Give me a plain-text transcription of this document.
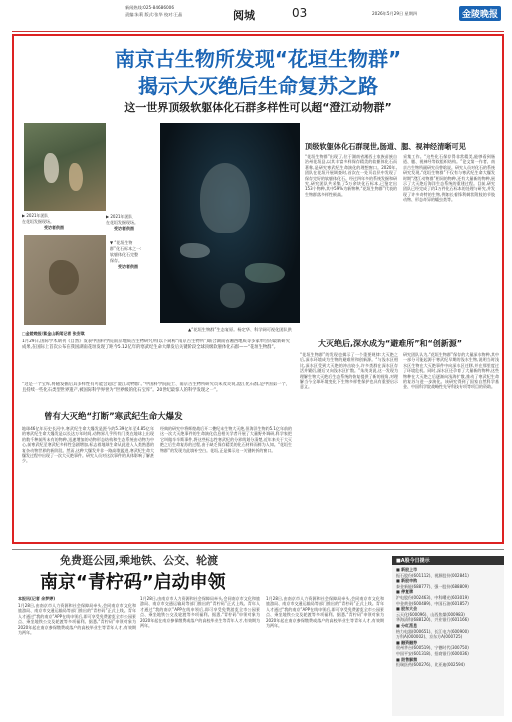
新闻热线:025-84686006
责编:朱莉 版式:张华 校对:王晶	阅城	03	2026年5月29日 星期四	金陵晚报
南京古生物所发现“花垣生物群”
揭示大灭绝后生命复苏之路
这一世界顶级软躯体化石群多样性可以超“澄江动物群”
▶ 2021年团队
在花垣发掘现场。
受访者供图
▶ 2021年团队
在花垣发掘现场。
受访者供图
▼ “花垣生物
群”化石标本之一:
软躯体化石完整
保存。
受访者供图
▲“花垣生物群”生态复原。杨定华、科学网可视化团队供
顶级软躯体化石群现世,肠道、腮、视神经清晰可见
“花垣生物群”出现了,位于湖南省湘西土家族苗族自治州花垣县,以其丰富多样保存精美的软躯体化石而著称,是研究寒武纪生命演化的理想窗口。2020年,团队在花垣开展调查时,首次在一处页岩层中发现了保存完好的软躯体化石。经过四年多的系统发掘和研究,研究团队共采集了5万余块化石标本,已鉴定出153个物种,其中59%为新物种,“花垣生物群”代表的生物群落多样性极高。
采集工作。“这些化石保存得非常精美,能够看到肠道、腮、视神经等软组织结构。”论文第一作者、南京古生物所副研究员曾晗说。研究人员对化石的系统研究发现,“花垣生物群”不仅有与寒武纪生命大爆发时期“澄江动物群”相同的物种,还有大量新的物种,展示了大灭绝后海洋生态系统的重建过程。目前,研究团队已经完成了约1万件化石标本的处理与研究,并发现了许多奇特的生物,例如长着锋利刺状附肢的节肢动物、形态奇异的蠕虫类等。
□金陵晚报/紫金山新闻记者 张安琪
1月29日,国际学术期刊《自然》发表中国科学院南京地质古生物研究所(以下简称“南京古生物所”)联合湖南省湘西地质等多家单位的最新研究成果,在国际上首次公布在我国湖南花垣发现了距今5.12亿年的寒武纪生命大爆发后关键阶段全球顶级软躯体化石群——“花垣生物群”。
“这是一个宝库,将随发掘后其多样性有可能会超过‘澄江动物群’。”中国科学院院士、南京古生物所研究员朱茂炎说,澄江化石群,是中国第一个、且持续一些化石类型世界遗产,被国际科学界誉为“世界级的化石宝库”。20世纪最惊人的科学发现之一”。
曾有大灭绝“打断”寒武纪生命大爆发
地球46亿年历史长河中,寒武纪生命大爆发是距今约5.39亿年至4.85亿年的寒武纪生命大爆发是以长达万年时间,动物界几乎所有门类在地球上出现的数千种前所未有的物种,迅速增加的动物形态结构和生态系统由动物为中心,前寒武纪至寒武纪多样性急剧增加,标志着地球生命从此进入人类熟悉的复杂动物世界的新阶段。然而,这种大爆发并非一路高歌猛进,寒武纪生命大爆发过程中出现了一次大灭绝事件。研究人员对这次事件的具体影响了解甚少。
经典的研究中将辉煌战后开二叠纪末生物大灭绝,但海洋生物约5.1亿年前的这一次大灭绝事件的生命演化信息相关学者开展了大量野外调研,科学家把它叫做辛辛斯事件,将这些标志性寒武纪的分界线划分清楚,近年来关于大灭绝之后生命复苏的过程,由于缺乏保存精美的化石材料而鲜为人知。“花垣生物群”的发现为此填补空白。花垣,正是揭示这一关键转折的窗口。
大灭绝后,深水成为“避难所”和“创新源”
“花垣生物群”的发现也揭示了一个重要规律:大灭绝之后,深水环境成为生物的避难所和创新源。“与浅水区相比,深水区受到大灭绝的冲击较小,许多类群在深水区存活并繁衍,随后又向浅水区扩散。”朱茂炎说,这一发现为理解生物大灭绝后生态系统的恢复提供了新的视角,对理解当今全球环境变化下生物多样性保护也具有重要启示意义。
研究团队认为,“花垣生物群”保存的大量深水物种,其中一部分可能起源于寒武纪早期的浅水生物,说明当时浅水区生物在大灭绝事件中向深水区迁移,并在那里度过了环境危机。同时,深水区还孕育了大量新的物种,这些物种在大灭绝之后逐渐向浅海扩散,推动了寒武纪生命的复苏与进一步演化。该研究得到了国家自然科学基金、中国科学院战略性先导科技专项等项目的资助。
免费逛公园,乘地铁、公交、轮渡
南京“青柠码”启动申领
本报讯(记者 余梦婷)
1月28日,由南京市人力资源和社会保障局牵头,会同南京市文化和旅游局、南京市交通运输局等部门推出的“青柠码”正式上线。青年人才通过“我的南京”APP在线申领后,即可享受免费游览全市公园景点、乘坐地铁公交及轮渡等多项福利。据悉,“青柠码”申领对象为2020年起在南京参保缴费或落户的高校毕业生等青年人才,有效期为两年。
1月28日,由南京市人力资源和社会保障局牵头,会同南京市文化和旅游局、南京市交通运输局等部门推出的“青柠码”正式上线。青年人才通过“我的南京”APP在线申领后,即可享受免费游览全市公园景点、乘坐地铁公交及轮渡等多项福利。据悉,“青柠码”申领对象为2020年起在南京参保缴费或落户的高校毕业生等青年人才,有效期为两年。
1月28日,由南京市人力资源和社会保障局牵头,会同南京市文化和旅游局、南京市交通运输局等部门推出的“青柠码”正式上线。青年人才通过“我的南京”APP在线申领后,即可享受免费游览全市公园景点、乘坐地铁公交及轮渡等多项福利。据悉,“青柠码”申领对象为2020年起在南京参保缴费或落户的高校毕业生等青年人才,有效期为两年。
■A股今日提示
■ 新股上市
振石股份(601112)、视源股份(002841)
■ 新股申购
泰金新能(688777)、强一股份(688809)
■ 停复牌
沪电股份(002463)、中科曙光(603019)
中金黄金(600489)、中国石油(601857)
■ 股东大会
云天化(600096)、山西焦煤(000983)
华海清科(688120)、兴业银行(601166)
■ 分红派息
格力电器(000651)、长江电力(600900)
万科A(000002)、京东方A(000725)
■ 融资融券
贵州茅台(600519)、宁德时代(300750)
中国平安(601318)、招商银行(600036)
■ 限售解禁
恒瑞医药(600276)、比亚迪(002594)
